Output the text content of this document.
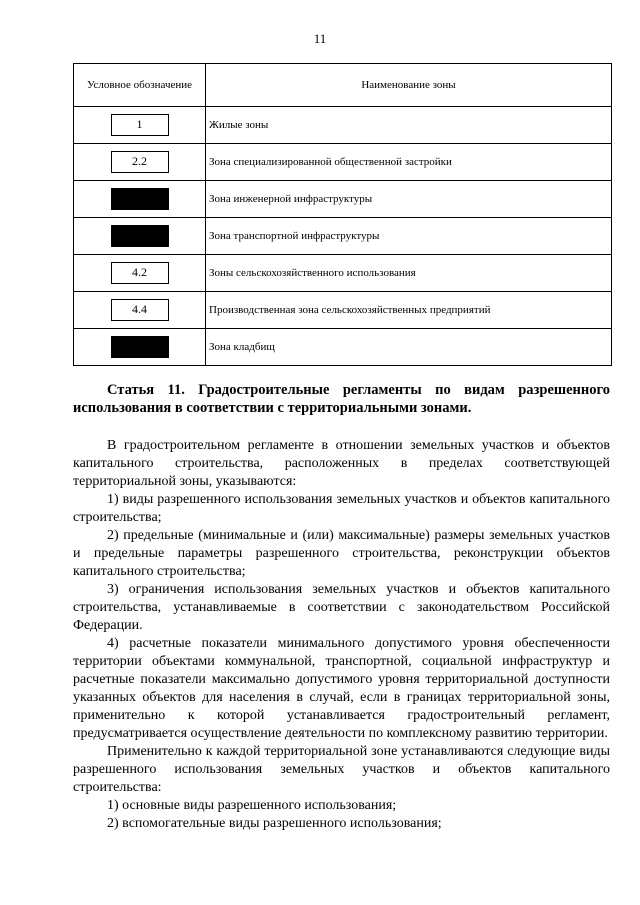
11
Условное обозначение	Наименование зоны
1	Жилые зоны
2.2	Зона специализированной общественной застройки
	Зона инженерной инфраструктуры
	Зона транспортной инфраструктуры
4.2	Зоны сельскохозяйственного использования
4.4	Производственная зона сельскохозяйственных предприятий
	Зона кладбищ
Статья 11. Градостроительные регламенты по видам разрешенного использования в соответствии с территориальными зонами.

В градостроительном регламенте в отношении земельных участков и объектов капитального строительства, расположенных в пределах соответствующей территориальной зоны, указываются:

1) виды разрешенного использования земельных участков и объектов капитального строительства;

2) предельные (минимальные и (или) максимальные) размеры земельных участков и предельные параметры разрешенного строительства, реконструкции объектов капитального строительства;

3) ограничения использования земельных участков и объектов капитального строительства, устанавливаемые в соответствии с законодательством Российской Федерации.

4) расчетные показатели минимального допустимого уровня обеспеченности территории объектами коммунальной, транспортной, социальной инфраструктур и расчетные показатели максимально допустимого уровня территориальной доступности указанных объектов для населения в случай, если в границах территориальной зоны, применительно к которой устанавливается градостроительный регламент, предусматривается осуществление деятельности по комплексному развитию территории.

Применительно к каждой территориальной зоне устанавливаются следующие виды разрешенного использования земельных участков и объектов капитального строительства:

1) основные виды разрешенного использования;

2) вспомогательные виды разрешенного использования;
